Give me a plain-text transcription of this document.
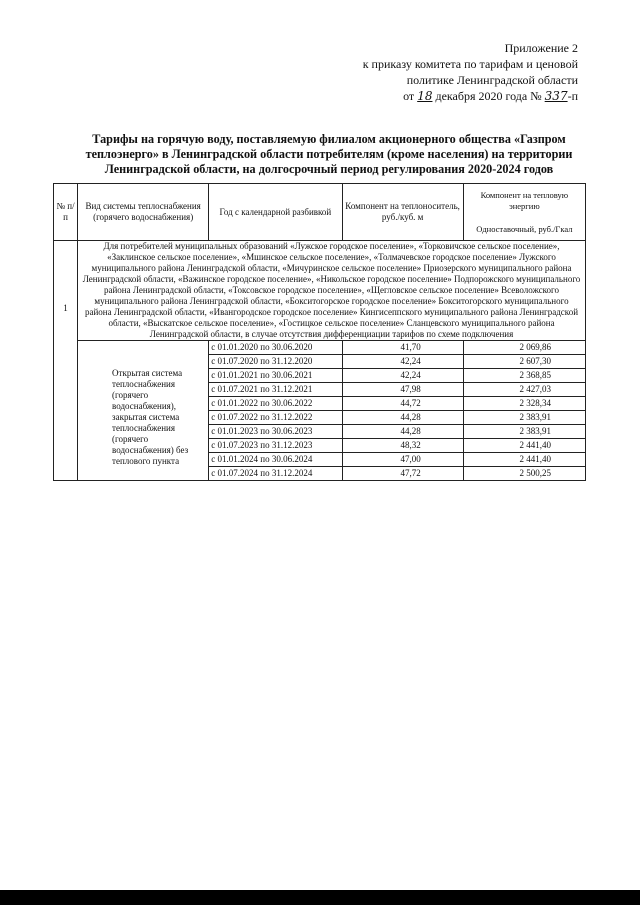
Приложение 2
к приказу комитета по тарифам и ценовой
политике Ленинградской области
от 18 декабря 2020 года № 337-п
Тарифы на горячую воду, поставляемую филиалом акционерного общества «Газпром
теплоэнерго» в Ленинградской области потребителям (кроме населения) на территории
Ленинградской области, на долгосрочный период регулирования 2020-2024 годов
№ п/п	Вид системы теплоснабжения (горячего водоснабжения)	Год с календарной разбивкой	Компонент на теплоноситель, руб./куб. м	Компонент на тепловую энергию
Одноставочный, руб./Гкал
1	Для потребителей муниципальных образований «Лужское городское поселение», «Торковичское сельское поселение», «Заклинское сельское поселение», «Мшинское сельское поселение», «Толмачевское городское поселение» Лужского муниципального района Ленинградской области, «Мичуринское сельское поселение» Приозерского муниципального района Ленинградской области, «Важинское городское поселение», «Никольское городское поселение» Подпорожского муниципального района Ленинградской области, «Токсовское городское поселение», «Щегловское сельское поселение» Всеволожского муниципального района Ленинградской области, «Бокситогорское городское поселение» Бокситогорского муниципального района Ленинградской области, «Ивангородское городское поселение» Кингисеппского муниципального района Ленинградской области, «Выскатское сельское поселение», «Гостицкое сельское поселение» Сланцевского муниципального района Ленинградской области, в случае отсутствия дифференциации тарифов по схеме подключения			
	Открытая система теплоснабжения (горячего водоснабжения), закрытая система теплоснабжения (горячего водоснабжения) без теплового пункта	с 01.01.2020 по 30.06.2020	41,70	2 069,86
		с 01.07.2020 по 31.12.2020	42,24	2 607,30
		с 01.01.2021 по 30.06.2021	42,24	2 368,85
		с 01.07.2021 по 31.12.2021	47,98	2 427,03
		с 01.01.2022 по 30.06.2022	44,72	2 328,34
		с 01.07.2022 по 31.12.2022	44,28	2 383,91
		с 01.01.2023 по 30.06.2023	44,28	2 383,91
		с 01.07.2023 по 31.12.2023	48,32	2 441,40
		с 01.01.2024 по 30.06.2024	47,00	2 441,40
		с 01.07.2024 по 31.12.2024	47,72	2 500,25
